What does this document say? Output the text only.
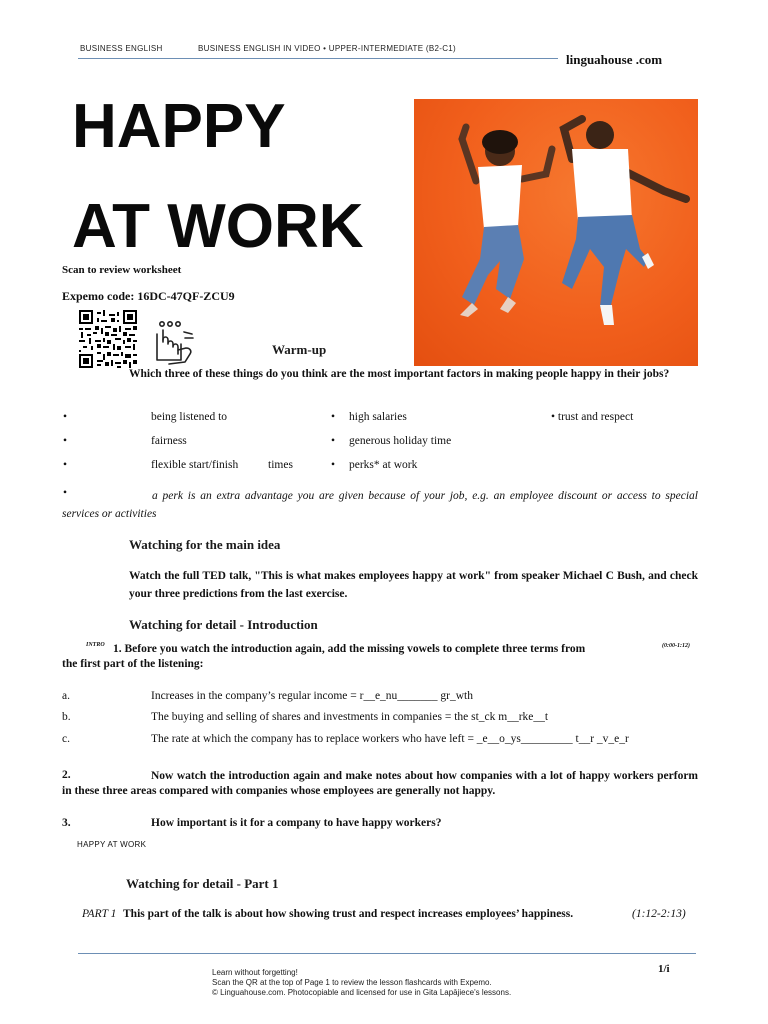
BUSINESS ENGLISH	BUSINESS ENGLISH IN VIDEO • UPPER-INTERMEDIATE (B2-C1)
linguahouse .com
HAPPY
AT WORK
Scan to review worksheet
Expemo code: 16DC-47QF-ZCU9
Warm-up
Which three of these things do you think are the most important factors in making people happy in their jobs?
•	being listened to	• high salaries	• trust and respect
•	fairness	• generous holiday time
•	flexible start/finish	times	• perks* at work
•	a perk is an extra advantage you are given because of your job, e.g. an employee discount or access to special services or activities
Watching for the main idea
Watch the full TED talk, "This is what makes employees happy at work" from speaker Michael C Bush, and check your three predictions from the last exercise.
Watching for detail - Introduction
INTRO 1. Before you watch the introduction again, add the missing vowels to complete three terms from	(0:00-1:12)
the first part of the listening:
a.	Increases in the company’s regular income = r__e_nu_______ gr_wth
b.	The buying and selling of shares and investments in companies = the st_ck m__rke__t
c.	The rate at which the company has to replace workers who have left = _e__o_ys_________ t__r _v_e_r
2.	Now watch the introduction again and make notes about how companies with a lot of happy workers perform in these three areas compared with companies whose employees are generally not happy.
3.	How important is it for a company to have happy workers?
HAPPY AT WORK
Watching for detail - Part 1
PART 1 This part of the talk is about how showing trust and respect increases employees’ happiness.	(1:12-2:13)
Learn without forgetting!
Scan the QR at the top of Page 1 to review the lesson flashcards with Expemo.
© Linguahouse.com. Photocopiable and licensed for use in Gita Lapājiece's lessons.
1/i
